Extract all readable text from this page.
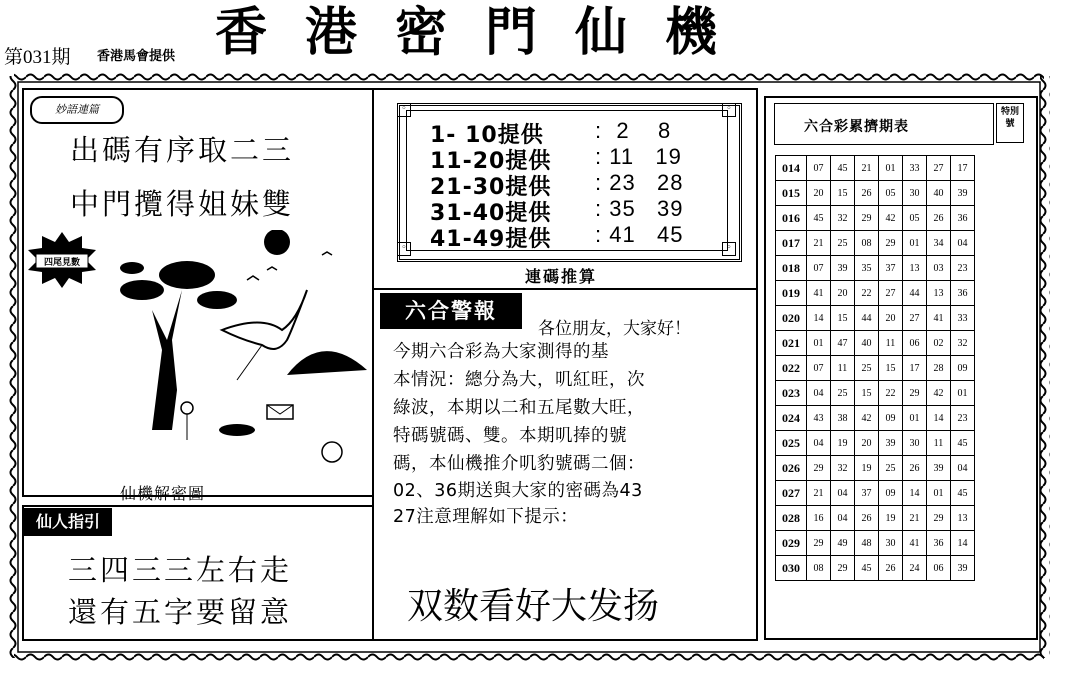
第031期 香港馬會提供 香港密門仙機
妙語連篇
出碼有序取二三
中門攬得姐妹雙
四尾見數
仙機解密圖
仙人指引
三四三三左右走
還有五字要留意
◦	◦
◦	◦
1- 10提供 :  2    8
11-20提供 : 11   19
21-30提供 : 23   28
31-40提供 : 35   39
41-49提供 : 41   45
連碼推算
六合警報
各位朋友，大家好！
今期六合彩為大家測得的基
本情況：總分為大，叽紅旺，次
綠波，本期以二和五尾數大旺，
特碼號碼、雙。本期叽捧的號
碼，本仙機推介叽豹號碼二個：
02、36期送與大家的密碼為43
27注意理解如下提示：
双数看好大发扬
六合彩累擠期表
特別號
014	07	45	21	01	33	27	17
015	20	15	26	05	30	40	39
016	45	32	29	42	05	26	36
017	21	25	08	29	01	34	04
018	07	39	35	37	13	03	23
019	41	20	22	27	44	13	36
020	14	15	44	20	27	41	33
021	01	47	40	11	06	02	32
022	07	11	25	15	17	28	09
023	04	25	15	22	29	42	01
024	43	38	42	09	01	14	23
025	04	19	20	39	30	11	45
026	29	32	19	25	26	39	04
027	21	04	37	09	14	01	45
028	16	04	26	19	21	29	13
029	29	49	48	30	41	36	14
030	08	29	45	26	24	06	39
